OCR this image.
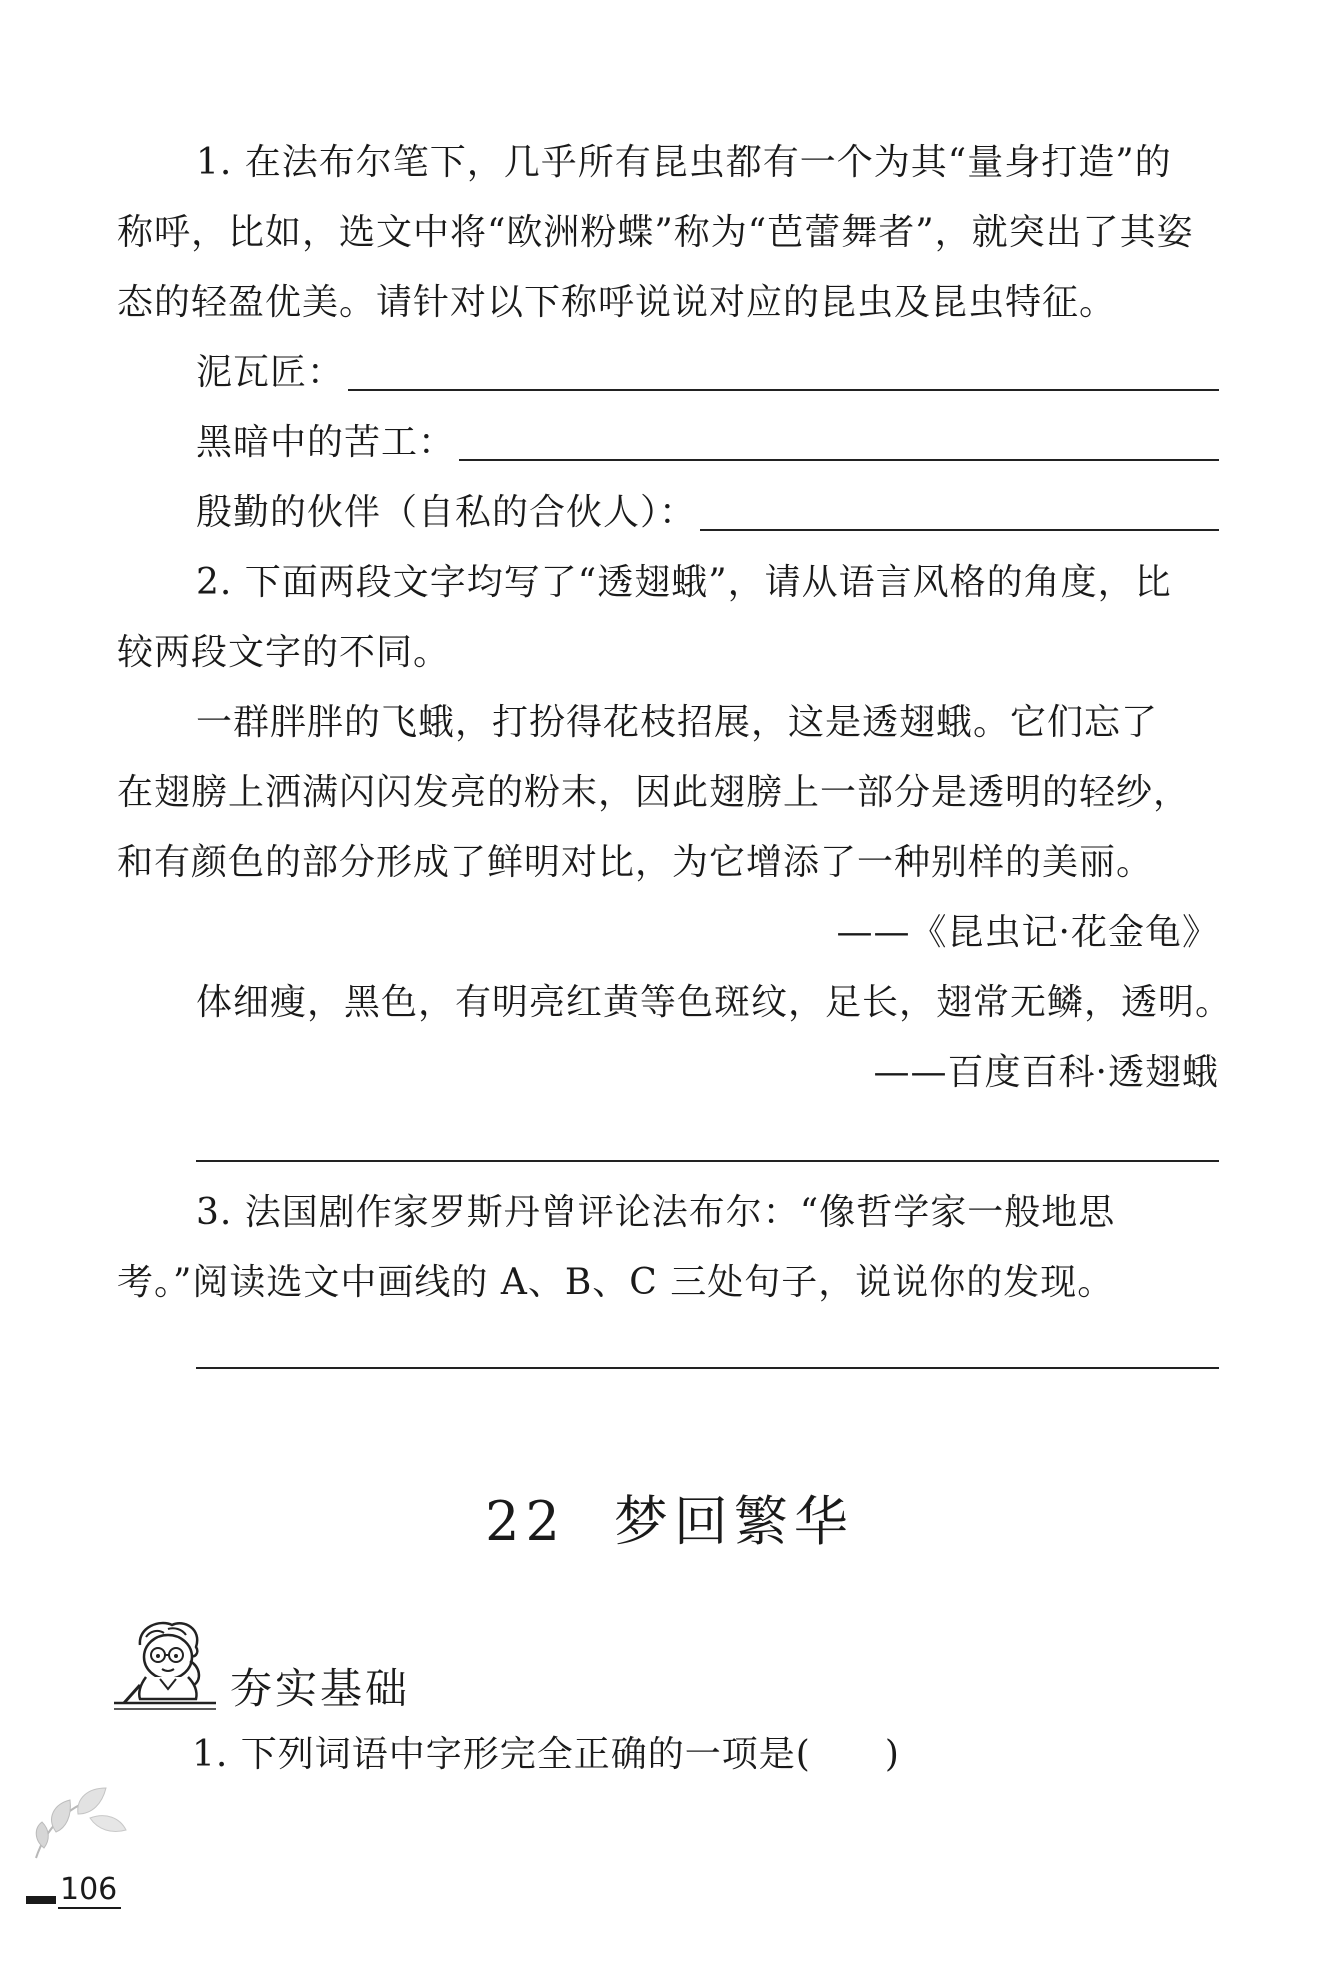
1. 在法布尔笔下，几乎所有昆虫都有一个为其“量身打造”的
称呼，比如，选文中将“欧洲粉蝶”称为“芭蕾舞者”，就突出了其姿
态的轻盈优美。请针对以下称呼说说对应的昆虫及昆虫特征。
泥瓦匠：
黑暗中的苦工：
殷勤的伙伴（自私的合伙人）：
2. 下面两段文字均写了“透翅蛾”，请从语言风格的角度，比
较两段文字的不同。
一群胖胖的飞蛾，打扮得花枝招展，这是透翅蛾。它们忘了
在翅膀上洒满闪闪发亮的粉末，因此翅膀上一部分是透明的轻纱，
和有颜色的部分形成了鲜明对比，为它增添了一种别样的美丽。
——《昆虫记·花金龟》
体细瘦，黑色，有明亮红黄等色斑纹，足长，翅常无鳞，透明。
——百度百科·透翅蛾
3. 法国剧作家罗斯丹曾评论法布尔：“像哲学家一般地思
考。”阅读选文中画线的 A、B、C 三处句子，说说你的发现。
22 梦回繁华
夯实基础
1. 下列词语中字形完全正确的一项是(　　)
106
